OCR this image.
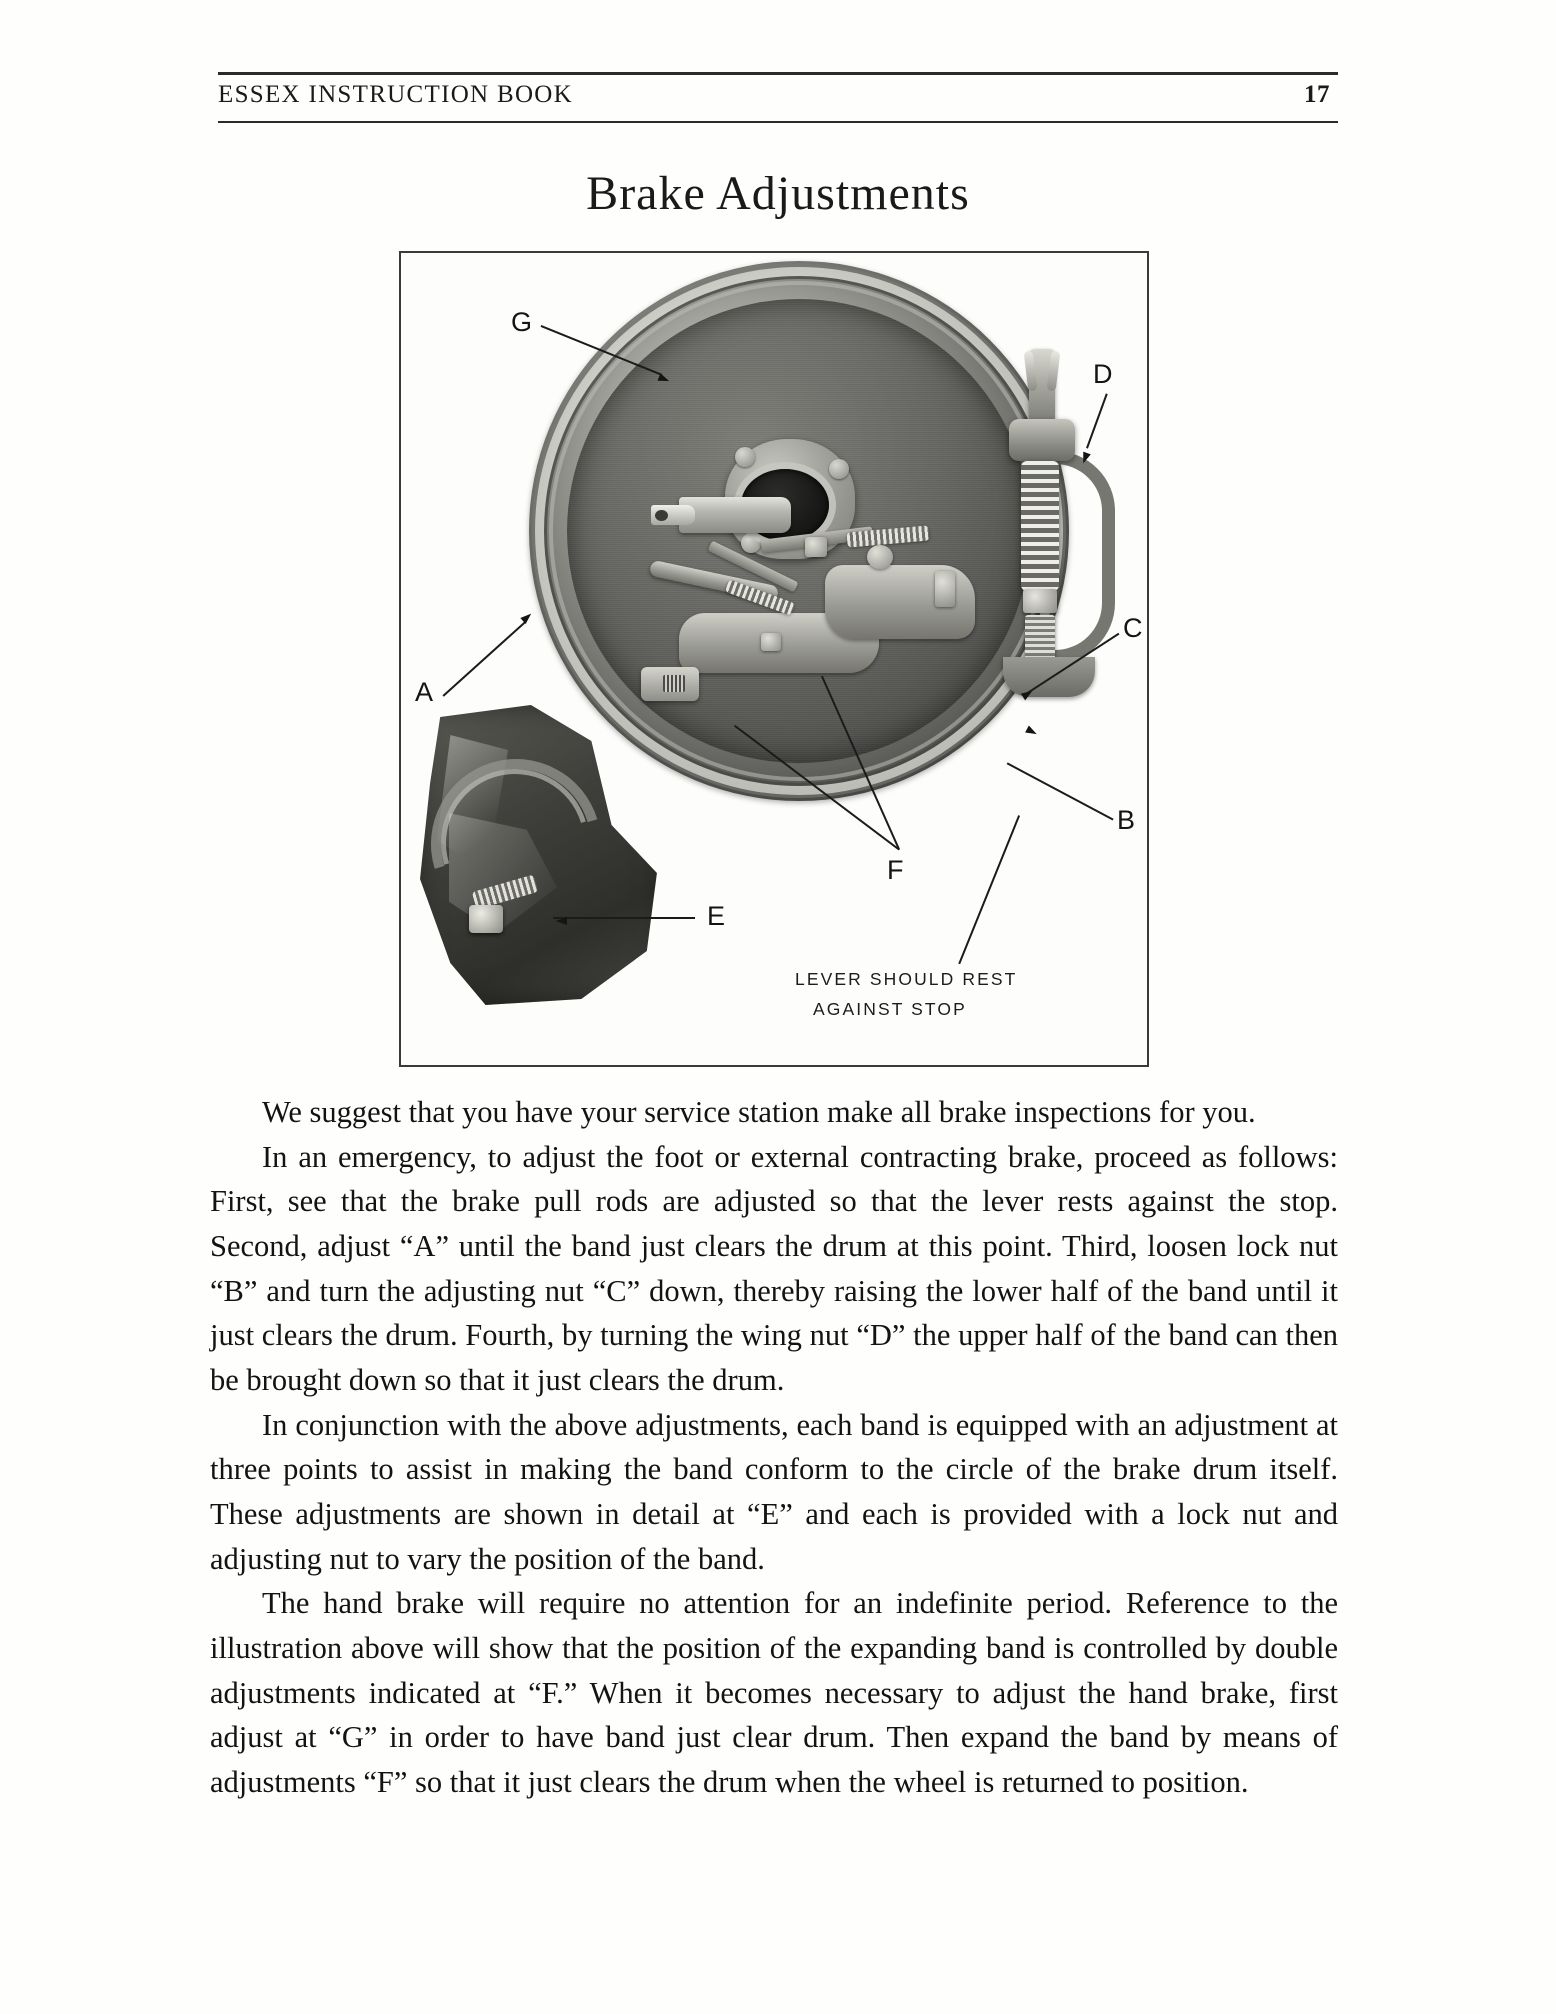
ESSEX INSTRUCTION BOOK	17
Brake Adjustments
G
D
C
A
B
F
E
LEVER SHOULD REST
AGAINST STOP

We suggest that you have your service station make all brake inspections for you.

In an emergency, to adjust the foot or external contracting brake, proceed as follows: First, see that the brake pull rods are adjusted so that the lever rests against the stop. Second, adjust “A” until the band just clears the drum at this point. Third, loosen lock nut “B” and turn the adjusting nut “C” down, thereby raising the lower half of the band until it just clears the drum. Fourth, by turning the wing nut “D” the upper half of the band can then be brought down so that it just clears the drum.

In conjunction with the above adjustments, each band is equipped with an adjustment at three points to assist in making the band conform to the circle of the brake drum itself. These adjustments are shown in detail at “E” and each is provided with a lock nut and adjusting nut to vary the position of the band.

The hand brake will require no attention for an indefinite period. Reference to the illustration above will show that the position of the expanding band is controlled by double adjustments indicated at “F.” When it becomes necessary to adjust the hand brake, first adjust at “G” in order to have band just clear drum. Then expand the band by means of adjustments “F” so that it just clears the drum when the wheel is returned to position.
